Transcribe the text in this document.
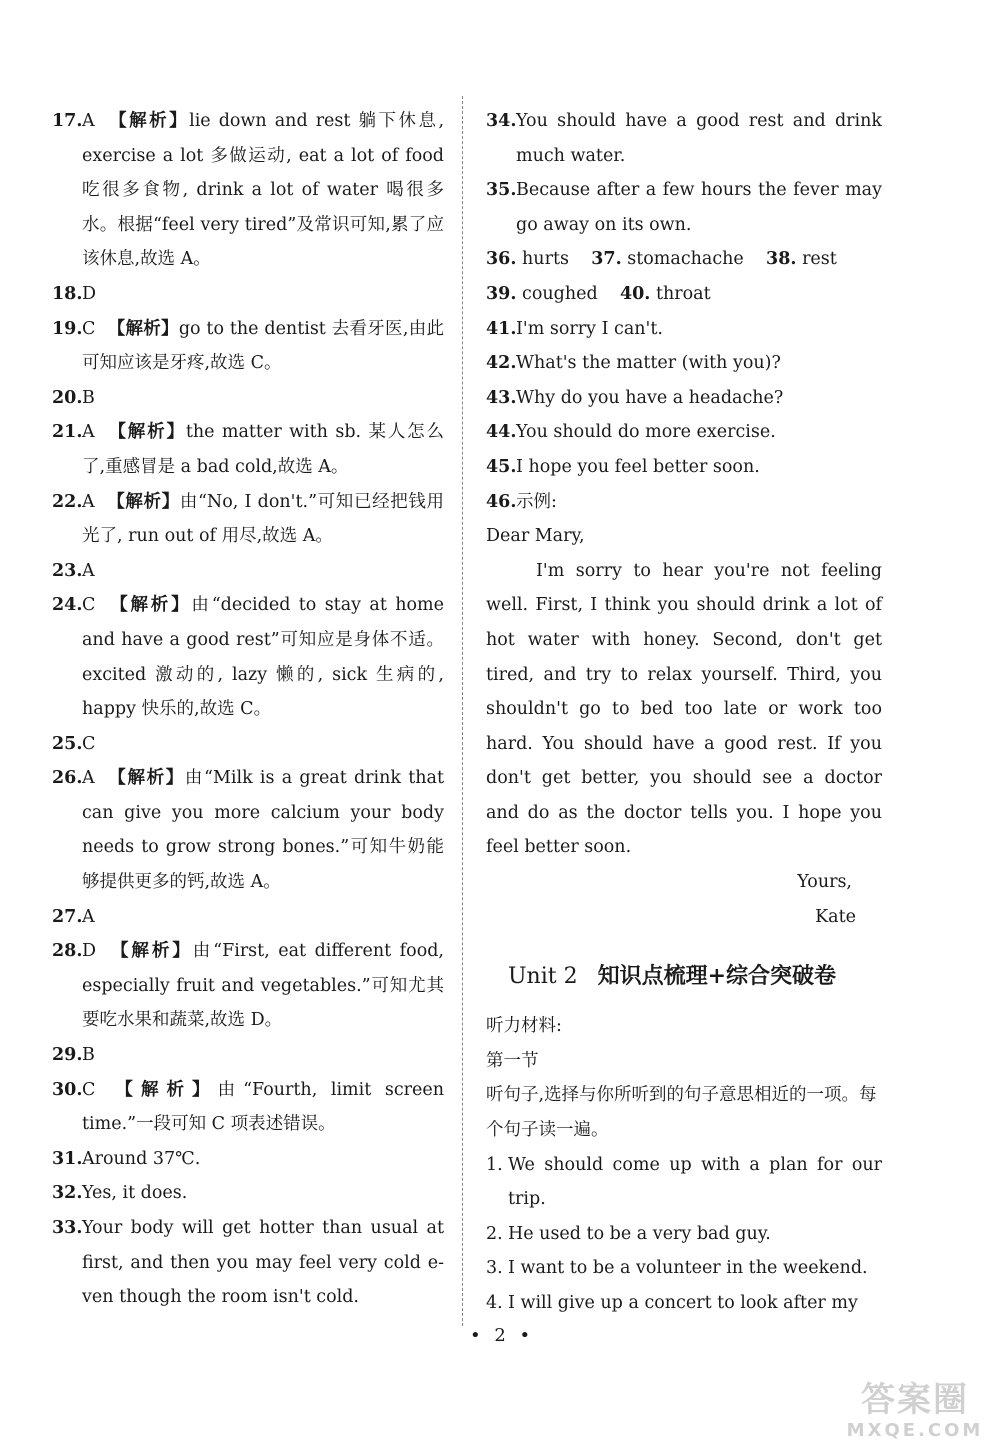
17. A 【解析】lie down and rest 躺下休息, exercise a lot 多做运动, eat a lot of food 吃很多食物, drink a lot of water 喝很多水。根据“feel very tired”及常识可知,累了应该休息,故选 A。
18. D
19. C 【解析】go to the dentist 去看牙医,由此可知应该是牙疼,故选 C。
20. B
21. A 【解析】the matter with sb. 某人怎么了,重感冒是 a bad cold,故选 A。
22. A 【解析】由“No, I don't.”可知已经把钱用光了, run out of 用尽,故选 A。
23. A
24. C 【解析】由“decided to stay at home and have a good rest”可知应是身体不适。excited 激动的, lazy 懒的, sick 生病的, happy 快乐的,故选 C。
25. C
26. A 【解析】由“Milk is a great drink that can give you more calcium your body needs to grow strong bones.”可知牛奶能够提供更多的钙,故选 A。
27. A
28. D 【解析】由“First, eat different food, especially fruit and vegetables.”可知尤其要吃水果和蔬菜,故选 D。
29. B
30. C 【解析】由“Fourth, limit screen time.”一段可知 C 项表述错误。
31. Around 37℃.
32. Yes, it does.
33. Your body will get hotter than usual at first, and then you may feel very cold e-ven though the room isn't cold.
34. You should have a good rest and drink much water.
35. Because after a few hours the fever may go away on its own.
36. hurts 37. stomachache 38. rest
39. coughed 40. throat
41. I'm sorry I can't.
42. What's the matter (with you)?
43. Why do you have a headache?
44. You should do more exercise.
45. I hope you feel better soon.
46. 示例:

Dear Mary,

I'm sorry to hear you're not feeling well. First, I think you should drink a lot of hot water with honey. Second, don't get tired, and try to relax yourself. Third, you shouldn't go to bed too late or work too hard. You should have a good rest. If you don't get better, you should see a doctor and do as the doctor tells you. I hope you feel better soon.

Yours,

Kate

Unit 2 知识点梳理+综合突破卷

听力材料:

第一节

听句子,选择与你所听到的句子意思相近的一项。每个句子读一遍。

1. We should come up with a plan for our trip.
2. He used to be a very bad guy.
3. I want to be a volunteer in the weekend.
4. I will give up a concert to look after my
• 2 •
答案圈
MXQE.COM
